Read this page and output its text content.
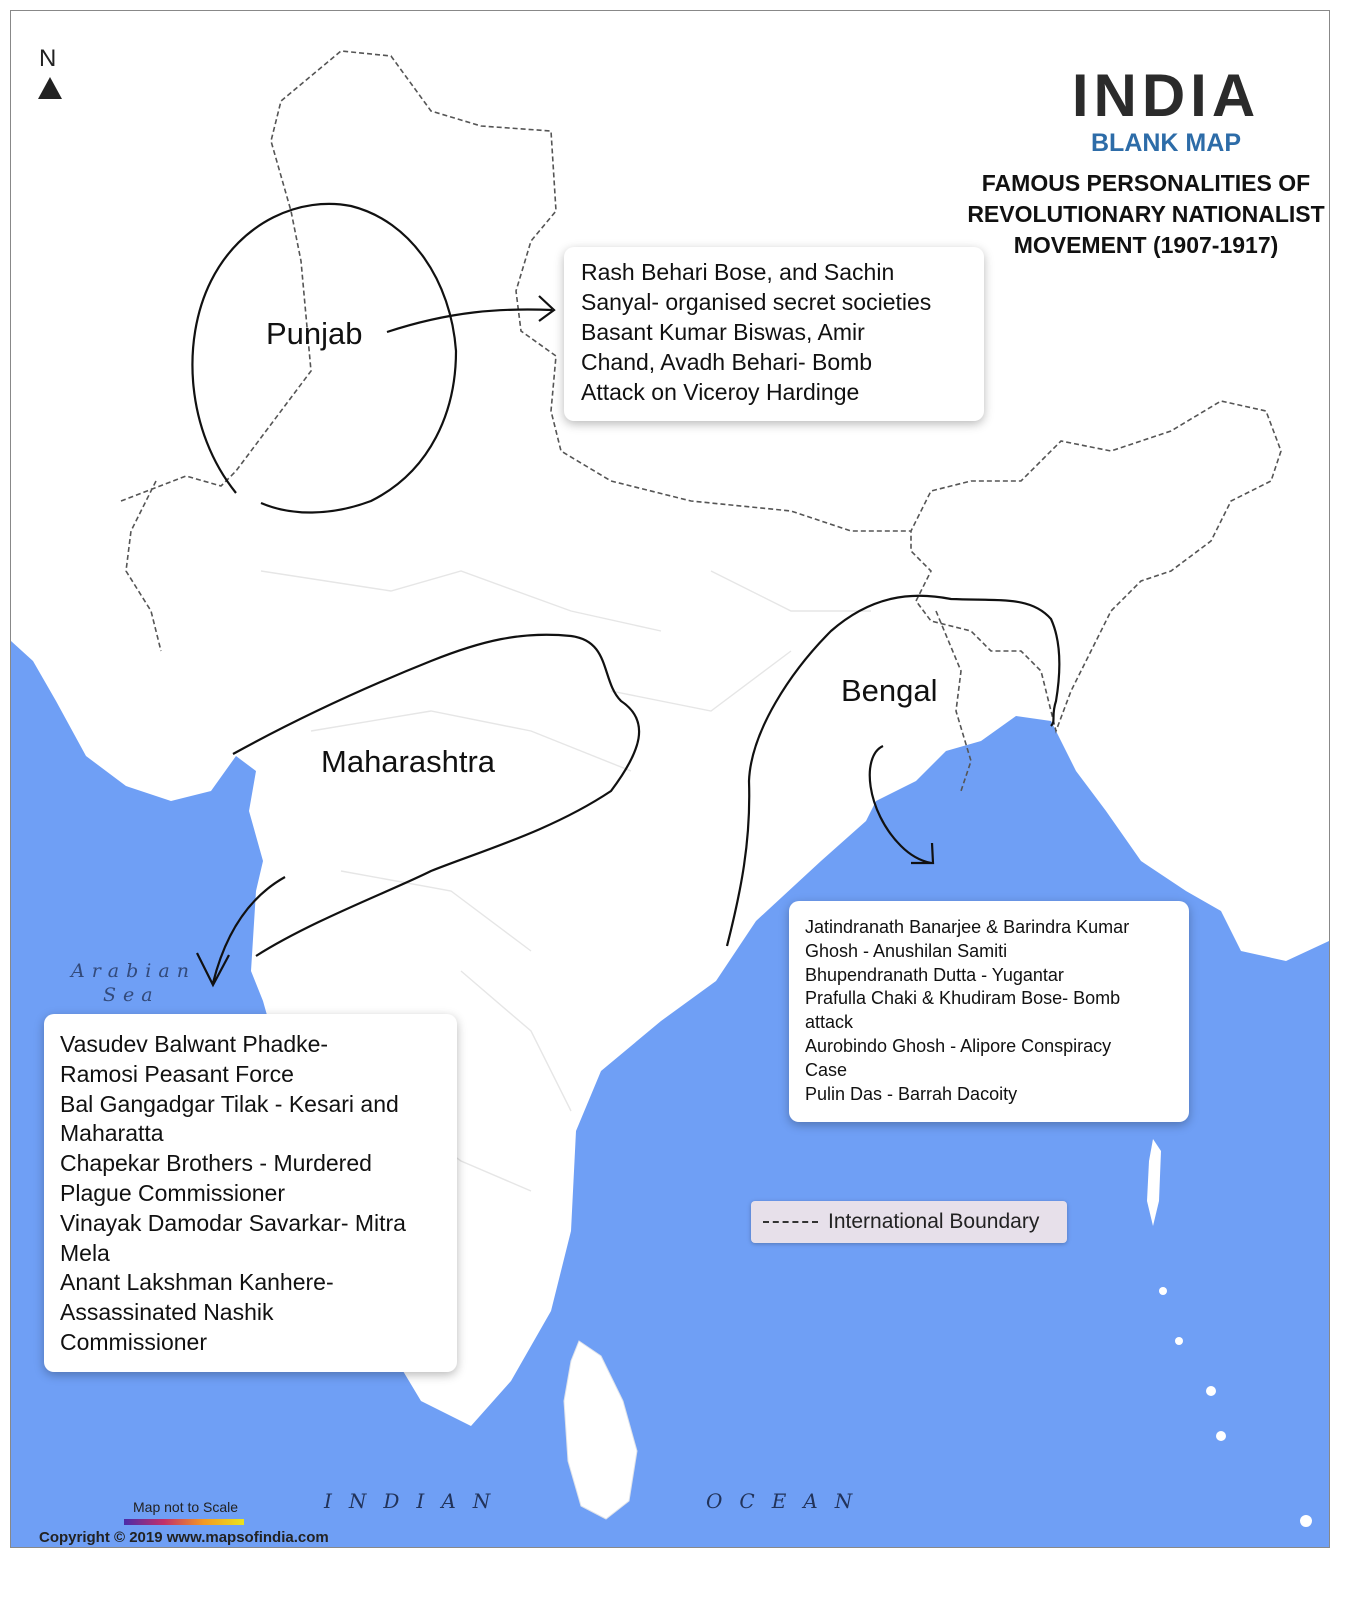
N
INDIA
BLANK MAP
FAMOUS PERSONALITIES OF
REVOLUTIONARY NATIONALIST
MOVEMENT (1907-1917)
Punjab
Maharashtra
Bengal
Rash Behari Bose, and Sachin
Sanyal- organised secret societies
Basant Kumar Biswas, Amir
Chand, Avadh Behari- Bomb
Attack on Viceroy Hardinge
Jatindranath Banarjee & Barindra Kumar
Ghosh - Anushilan Samiti
Bhupendranath Dutta - Yugantar
Prafulla Chaki & Khudiram Bose- Bomb
attack
Aurobindo Ghosh - Alipore Conspiracy
Case
Pulin Das - Barrah Dacoity
Vasudev Balwant Phadke-
Ramosi Peasant Force
Bal Gangadgar Tilak - Kesari and
Maharatta
Chapekar Brothers - Murdered
Plague Commissioner
Vinayak Damodar Savarkar- Mitra
Mela
Anant Lakshman Kanhere-
Assassinated Nashik
Commissioner
Arabian
Sea
INDIAN	OCEAN
International Boundary
Map not to Scale
Copyright © 2019 www.mapsofindia.com
